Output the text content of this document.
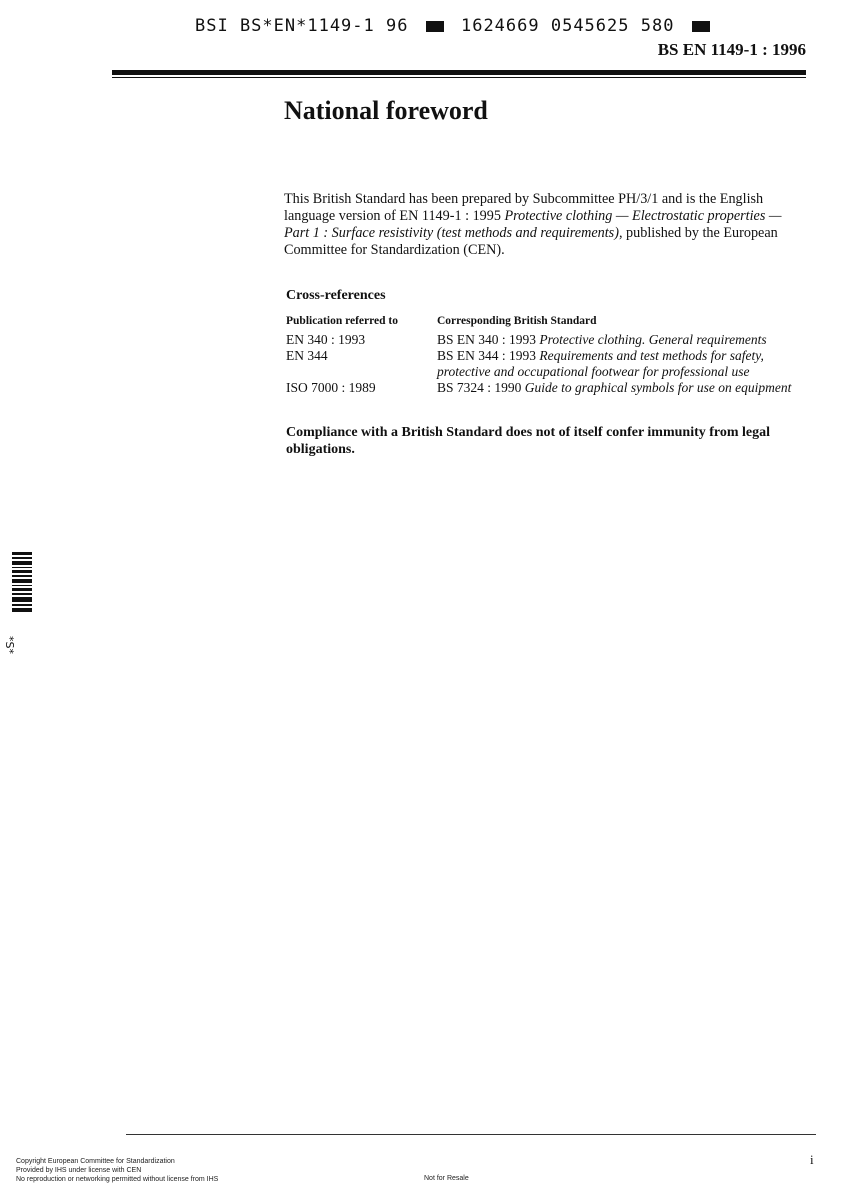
BSI BS*EN*1149-1 96	1624669 0545625 580
BS EN 1149-1 : 1996
National foreword
This British Standard has been prepared by Subcommittee PH/3/1 and is the English language version of EN 1149-1 : 1995 Protective clothing — Electrostatic properties — Part 1 : Surface resistivity (test methods and requirements), published by the European Committee for Standardization (CEN).
Cross-references
Publication referred to	Corresponding British Standard
EN 340 : 1993	BS EN 340 : 1993 Protective clothing. General requirements
EN 344	BS EN 344 : 1993 Requirements and test methods for safety, protective and occupational footwear for professional use
ISO 7000 : 1989	BS 7324 : 1990 Guide to graphical symbols for use on equipment
Compliance with a British Standard does not of itself confer immunity from legal obligations.
*S*
Copyright European Committee for Standardization
Provided by IHS under license with CEN
No reproduction or networking permitted without license from IHS	Not for Resale
i
